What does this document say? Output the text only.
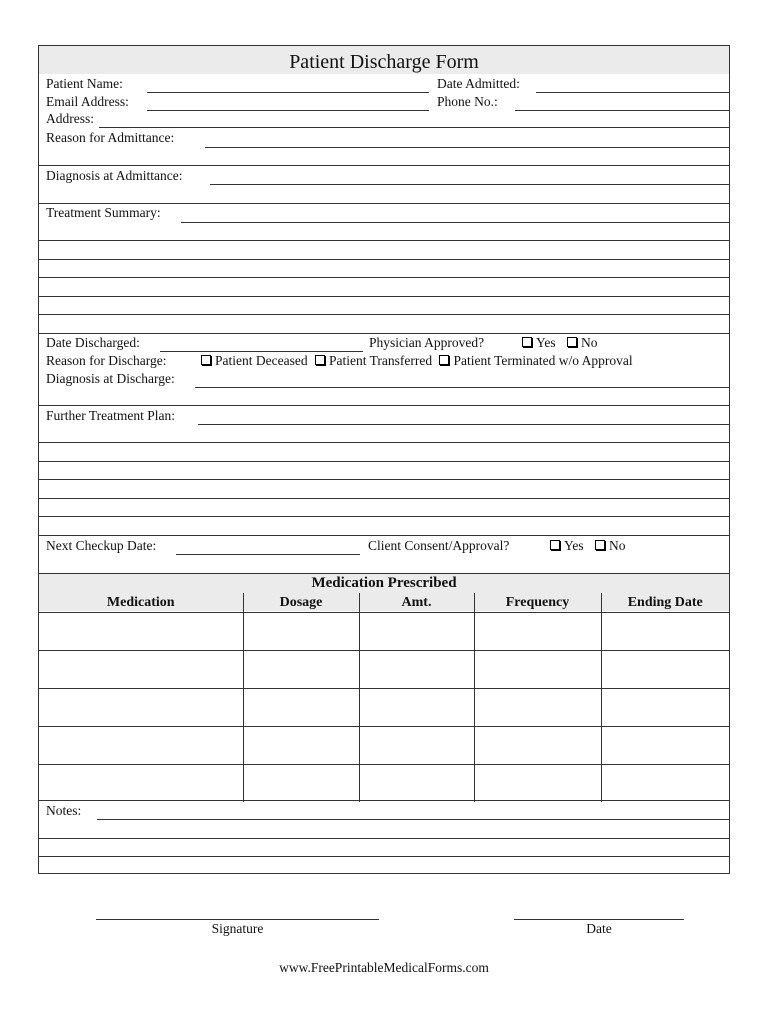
Patient Discharge Form
Patient Name:	Date Admitted:
Email Address:	Phone No.:
Address:
Reason for Admittance:
Diagnosis at Admittance:
Treatment Summary:
Date Discharged:	Physician Approved?	Yes No
Reason for Discharge:	Patient Deceased Patient Transferred Patient Terminated w/o Approval
Diagnosis at Discharge:
Further Treatment Plan:
Next Checkup Date:	Client Consent/Approval?	Yes No
Medication Prescribed
Medication	Dosage	Amt.	Frequency	Ending Date

Notes:
Signature	Date
www.FreePrintableMedicalForms.com
